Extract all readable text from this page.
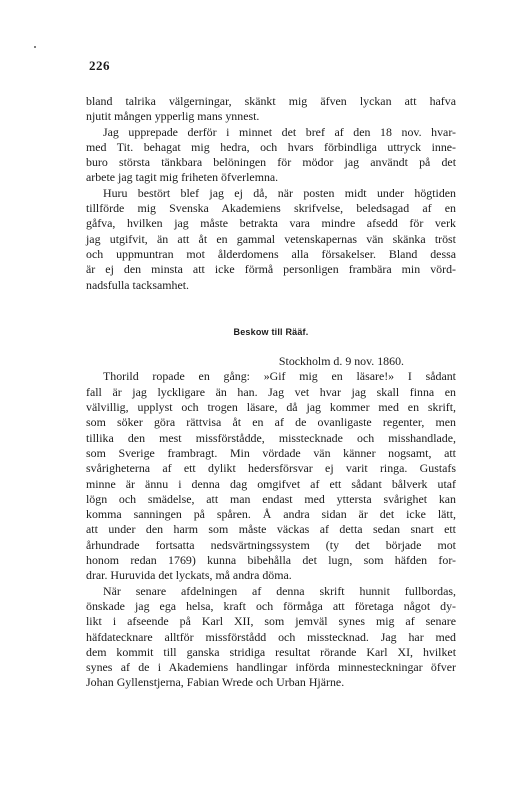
226

bland talrika välgerningar, skänkt mig äfven lyckan att hafva
njutit mången ypperlig mans ynnest.

Jag upprepade derför i minnet det bref af den 18 nov. hvar-
med Tit. behagat mig hedra, och hvars förbindliga uttryck inne-
buro största tänkbara belöningen för mödor jag användt på det
arbete jag tagit mig friheten öfverlemna.

Huru bestört blef jag ej då, när posten midt under högtiden
tillförde mig Svenska Akademiens skrifvelse, beledsagad af en
gåfva, hvilken jag måste betrakta vara mindre afsedd för verk
jag utgifvit, än att åt en gammal vetenskapernas vän skänka tröst
och uppmuntran mot ålderdomens alla försakelser. Bland dessa
är ej den minsta att icke förmå personligen frambära min vörd-
nadsfulla tacksamhet.

Beskow till Rääf.
Stockholm d. 9 nov. 1860.

Thorild ropade en gång: »Gif mig en läsare!» I sådant
fall är jag lyckligare än han. Jag vet hvar jag skall finna en
välvillig, upplyst och trogen läsare, då jag kommer med en skrift,
som söker göra rättvisa åt en af de ovanligaste regenter, men
tillika den mest missförstådde, misstecknade och misshandlade,
som Sverige frambragt. Min vördade vän känner nogsamt, att
svårigheterna af ett dylikt hedersförsvar ej varit ringa. Gustafs
minne är ännu i denna dag omgifvet af ett sådant bålverk utaf
lögn och smädelse, att man endast med yttersta svårighet kan
komma sanningen på spåren. Å andra sidan är det icke lätt,
att under den harm som måste väckas af detta sedan snart ett
århundrade fortsatta nedsvärtningssystem (ty det började mot
honom redan 1769) kunna bibehålla det lugn, som häfden for-
drar. Huruvida det lyckats, må andra döma.

När senare afdelningen af denna skrift hunnit fullbordas,
önskade jag ega helsa, kraft och förmåga att företaga något dy-
likt i afseende på Karl XII, som jemväl synes mig af senare
häfdatecknare alltför missförstådd och misstecknad. Jag har med
dem kommit till ganska stridiga resultat rörande Karl XI, hvilket
synes af de i Akademiens handlingar införda minnesteckningar öfver
Johan Gyllenstjerna, Fabian Wrede och Urban Hjärne.
